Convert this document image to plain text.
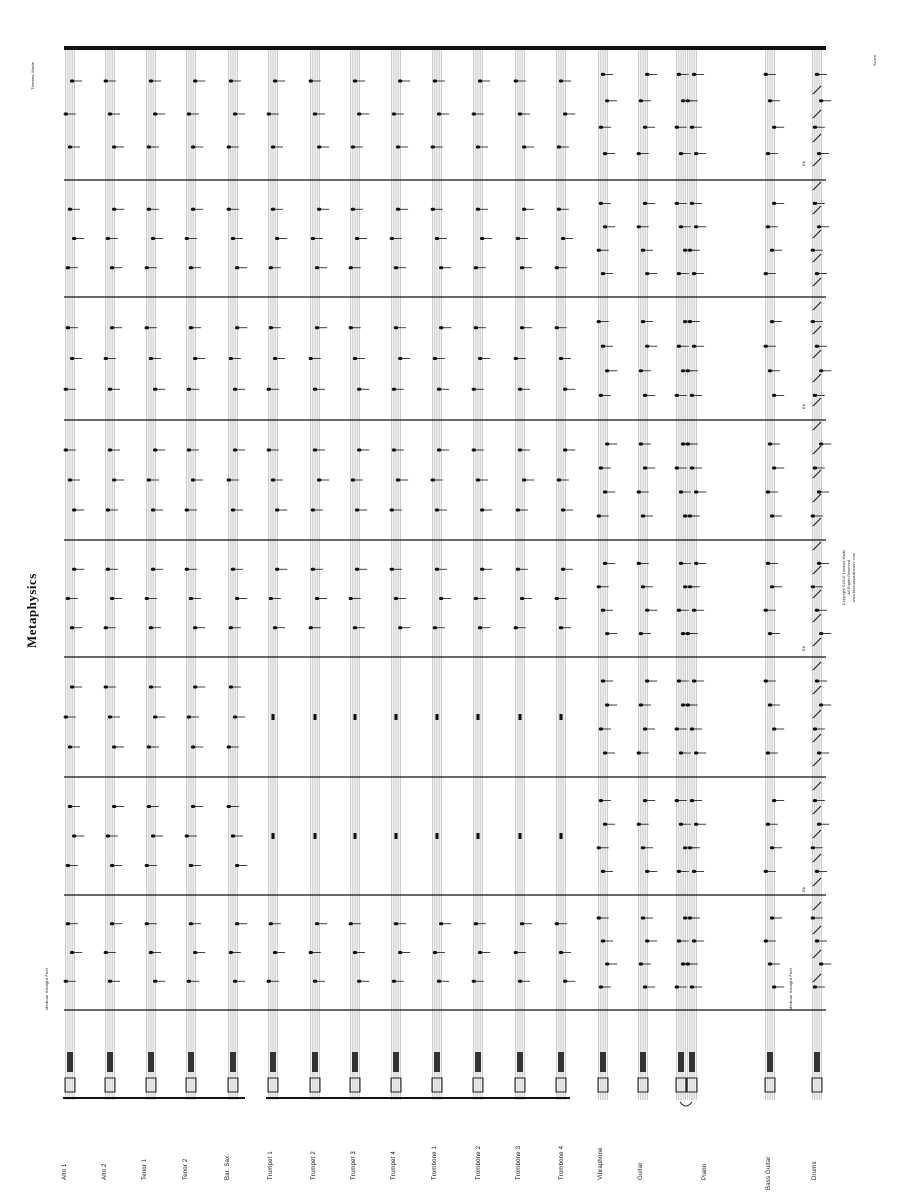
Metaphysics
Thomas Wade
Score
Medium Straight Feel	Medium Straight Feel
Eb
Eb
Eb
Eb
Alto 1	Alto 2	Tenor 1	Tenor 2	Bar. Sax.	Trumpet 1	Trumpet 2	Trumpet 3	Trumpet 4	Trombone 1	Trombone 2	Trombone 3	Trombone 4	Vibraphone	Guitar	Piano	Bass Guitar	Drums
Copyright ©2010 Thomas Wade All Rights Reserved www.thomaswademusic.com
